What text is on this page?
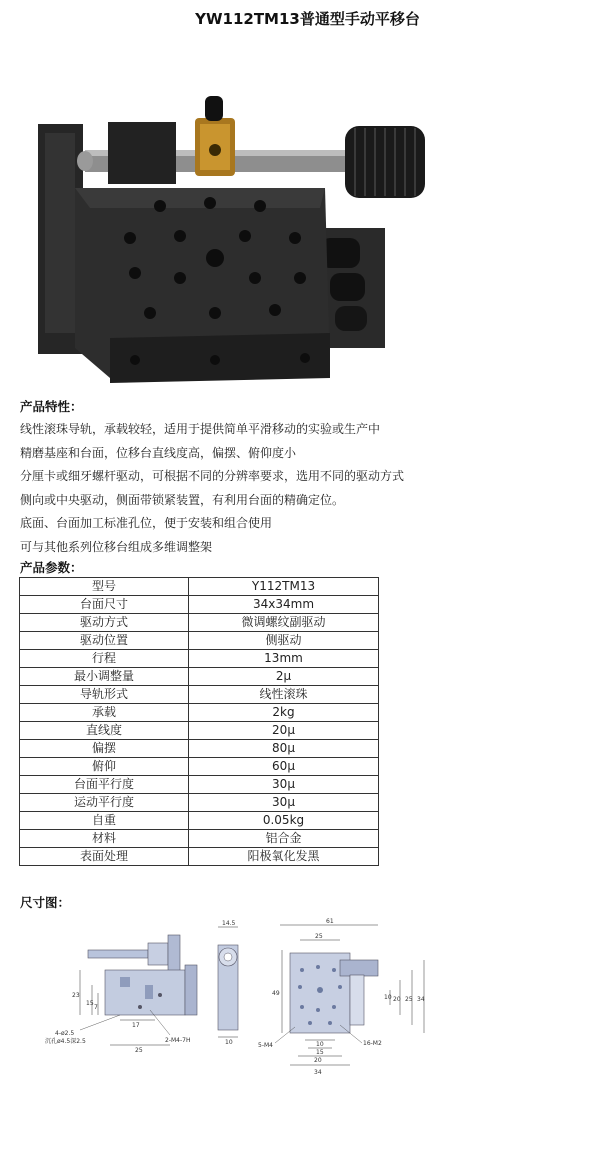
YW112TM13普通型手动平移台
产品特性：
线性滚珠导轨，承载较轻，适用于提供简单平滑移动的实验或生产中
精磨基座和台面，位移台直线度高，偏摆、俯仰度小
分厘卡或细牙螺杆驱动，可根据不同的分辨率要求，选用不同的驱动方式
侧向或中央驱动，侧面带锁紧装置，有利用台面的精确定位。
底面、台面加工标准孔位，便于安装和组合使用
可与其他系列位移台组成多维调整架
产品参数：
型号	Y112TM13
台面尺寸	34x34mm
驱动方式	微调螺纹副驱动
驱动位置	侧驱动
行程	13mm
最小调整量	2μ
导轨形式	线性滚珠
承载	2kg
直线度	20μ
偏摆	80μ
俯仰	60μ
台面平行度	30μ
运动平行度	30μ
自重	0.05kg
材料	铝合金
表面处理	阳极氧化发黑
尺寸图：
23
15
7
17
25
4-ø2.5
沉孔ø4.5深2.5	2-M4-7H
14.5
10
61
25
49
10 20 25 34
10
15
20
34
5-M4	16-M2
